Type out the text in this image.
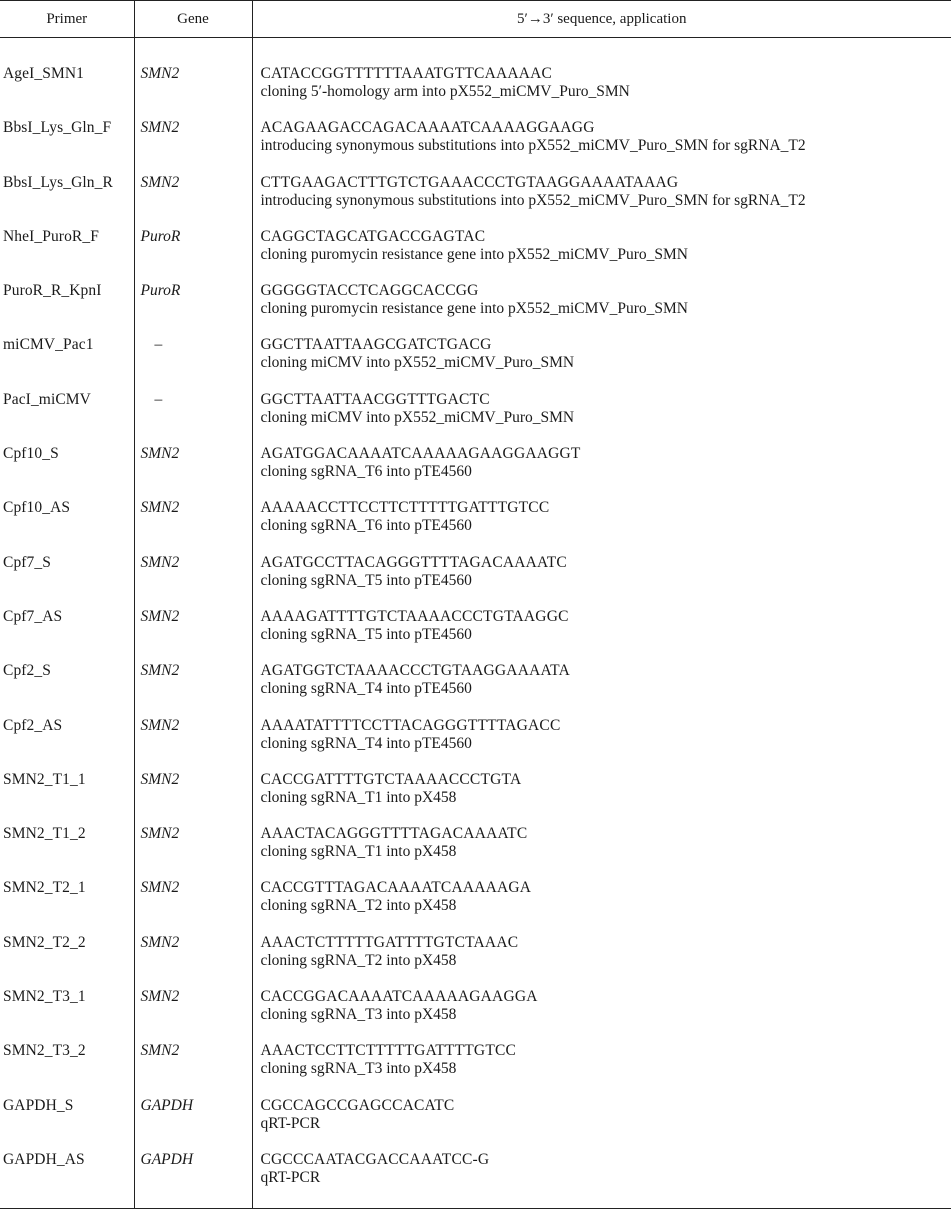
Primer	Gene	5′→3′ sequence, application
AgeI_SMN1	SMN2	CATACCGGTTTTTTAAATGTTCAAAAAC
cloning 5′-homology arm into pX552_miCMV_Puro_SMN

BbsI_Lys_Gln_F	SMN2	ACAGAAGACCAGACAAAATCAAAAGGAAGG
introducing synonymous substitutions into pX552_miCMV_Puro_SMN for sgRNA_T2

BbsI_Lys_Gln_R	SMN2	CTTGAAGACTTTGTCTGAAACCCTGTAAGGAAAATAAAG
introducing synonymous substitutions into pX552_miCMV_Puro_SMN for sgRNA_T2

NheI_PuroR_F	PuroR	CAGGCTAGCATGACCGAGTAC
cloning puromycin resistance gene into pX552_miCMV_Puro_SMN

PuroR_R_KpnI	PuroR	GGGGGTACCTCAGGCACCGG
cloning puromycin resistance gene into pX552_miCMV_Puro_SMN

miCMV_Pac1	–	GGCTTAATTAAGCGATCTGACG
cloning miCMV into pX552_miCMV_Puro_SMN

PacI_miCMV	–	GGCTTAATTAACGGTTTGACTC
cloning miCMV into pX552_miCMV_Puro_SMN

Cpf10_S	SMN2	AGATGGACAAAATCAAAAAGAAGGAAGGT
cloning sgRNA_T6 into pTE4560

Cpf10_AS	SMN2	AAAAACCTTCCTTCTTTTTGATTTGTCC
cloning sgRNA_T6 into pTE4560

Cpf7_S	SMN2	AGATGCCTTACAGGGTTTTAGACAAAATC
cloning sgRNA_T5 into pTE4560

Cpf7_AS	SMN2	AAAAGATTTTGTCTAAAACCCTGTAAGGC
cloning sgRNA_T5 into pTE4560

Cpf2_S	SMN2	AGATGGTCTAAAACCCTGTAAGGAAAATA
cloning sgRNA_T4 into pTE4560

Cpf2_AS	SMN2	AAAATATTTTCCTTACAGGGTTTTAGACC
cloning sgRNA_T4 into pTE4560

SMN2_T1_1	SMN2	CACCGATTTTGTCTAAAACCCTGTA
cloning sgRNA_T1 into pX458

SMN2_T1_2	SMN2	AAACTACAGGGTTTTAGACAAAATC
cloning sgRNA_T1 into pX458

SMN2_T2_1	SMN2	CACCGTTTAGACAAAATCAAAAAGA
cloning sgRNA_T2 into pX458

SMN2_T2_2	SMN2	AAACTCTTTTTGATTTTGTCTAAAC
cloning sgRNA_T2 into pX458

SMN2_T3_1	SMN2	CACCGGACAAAATCAAAAAGAAGGA
cloning sgRNA_T3 into pX458

SMN2_T3_2	SMN2	AAACTCCTTCTTTTTGATTTTGTCC
cloning sgRNA_T3 into pX458

GAPDH_S	GAPDH	CGCCAGCCGAGCCACATC
qRT-PCR

GAPDH_AS	GAPDH	CGCCCAATACGACCAAATCC-G
qRT-PCR
